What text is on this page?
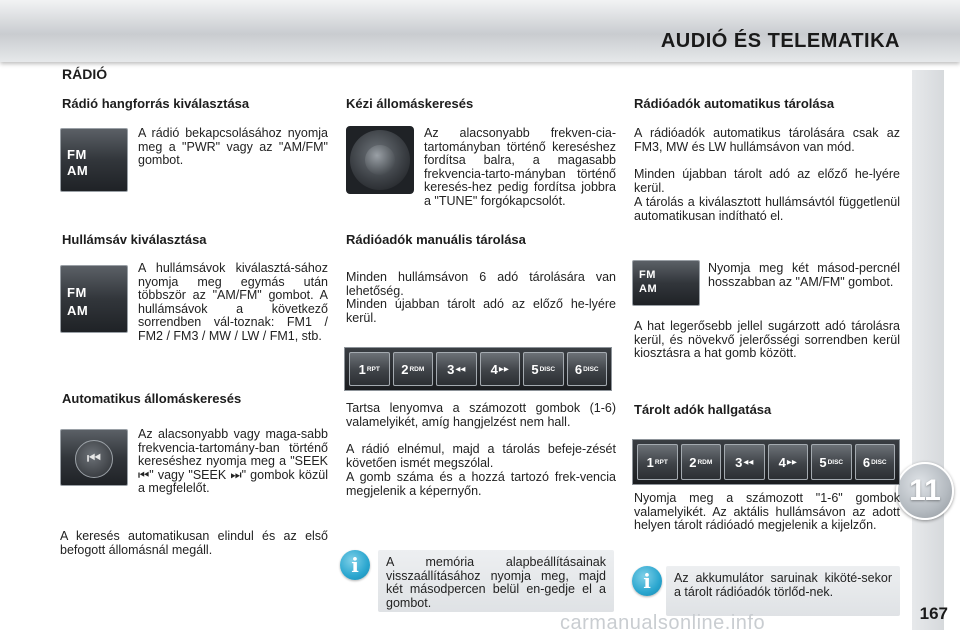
AUDIÓ ÉS TELEMATIKA
11
167
RÁDIÓ
Rádió hangforrás kiválasztása
FM
AM
A rádió bekapcsolásához nyomja meg a "PWR" vagy az "AM/FM" gombot.
Hullámsáv kiválasztása
FM
AM
A hullámsávok kiválasztá-sához nyomja meg egymás után többször az "AM/FM" gombot. A hullámsávok a következő sorrendben vál-toznak: FM1 / FM2 / FM3 / MW / LW / FM1, stb.
Automatikus állomáskeresés
⏮
Az alacsonyabb vagy maga-sabb frekvencia-tartomány-ban történő kereséshez nyomja meg a "SEEK ⏮" vagy "SEEK ⏭" gombok közül a megfelelőt.
A keresés automatikusan elindul és az első befogott állomásnál megáll.
Kézi állomáskeresés
Az alacsonyabb frekven-cia-tartományban történő kereséshez fordítsa balra, a magasabb frekvencia-tarto-mányban történő keresés-hez pedig fordítsa jobbra a "TUNE" forgókapcsolót.
Rádióadók manuális tárolása
Minden hullámsávon 6 adó tárolására van lehetőség.
Minden újabban tárolt adó az előző he-lyére kerül.
1 RPT 2 RDM 3 ◀◀ 4 ▶▶ 5 DISC 6 DISC
Tartsa lenyomva a számozott gombok (1-6) valamelyikét, amíg hangjelzést nem hall.
A rádió elnémul, majd a tárolás befeje-zését követően ismét megszólal.
A gomb száma és a hozzá tartozó frek-vencia megjelenik a képernyőn.
A memória alapbeállításainak visszaállításához nyomja meg, majd két másodpercen belül en-gedje el a gombot.
i
Rádióadók automatikus tárolása
A rádióadók automatikus tárolására csak az FM3, MW és LW hullámsávon van mód.
Minden újabban tárolt adó az előző he-lyére kerül.
A tárolás a kiválasztott hullámsávtól függetlenül automatikusan indítható el.
FM
AM
Nyomja meg két másod-percnél hosszabban az "AM/FM" gombot.
A hat legerősebb jellel sugárzott adó tárolásra kerül, és növekvő jelerősségi sorrendben kerül kiosztásra a hat gomb között.
Tárolt adók hallgatása
1 RPT 2 RDM 3 ◀◀ 4 ▶▶ 5 DISC 6 DISC
Nyomja meg a számozott "1-6" gombok valamelyikét. Az aktális hullámsávon az adott helyen tárolt rádióadó megjelenik a kijelzőn.
Az akkumulátor saruinak kiköté-sekor a tárolt rádióadók törlőd-nek.
i
carmanualsonline.info
